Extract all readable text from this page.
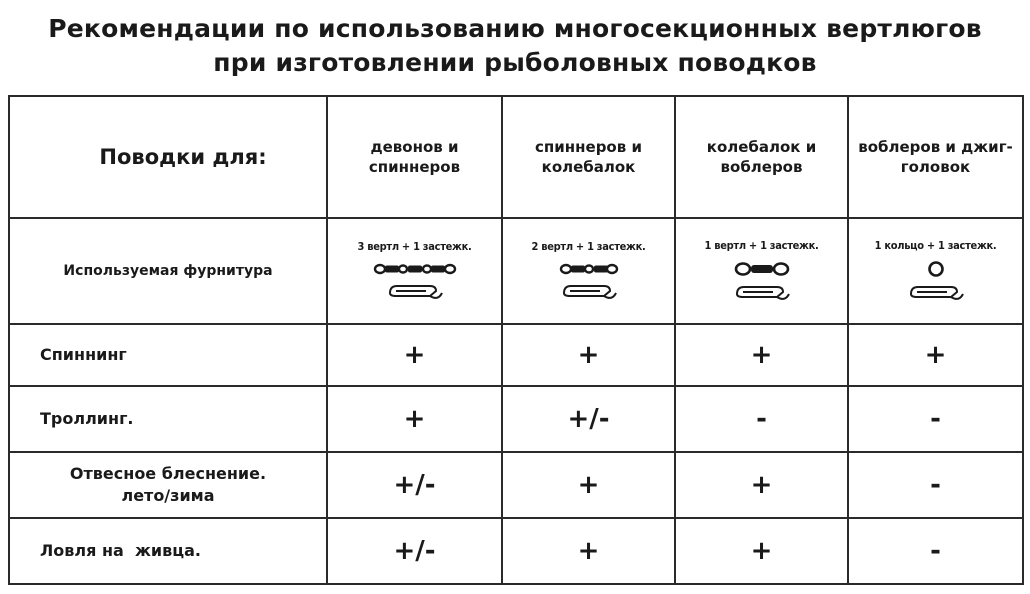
Рекомендации по использованию многосекционных вертлюгов
при изготовлении рыболовных поводков
Поводки для:	девонов и спиннеров	спиннеров и колебалок	колебалок и воблеров	воблеров и джиг-головок
Используемая фурнитура	3 вертл + 1 застежк.	2 вертл + 1 застежк.	1 вертл + 1 застежк.	1 кольцо + 1 застежк.

Спиннинг	+	+	+	+
Троллинг.	+	+/-	-	-
Отвесное блеснение. лето/зима	+/-	+	+	-
Ловля на  живца.	+/-	+	+	-
